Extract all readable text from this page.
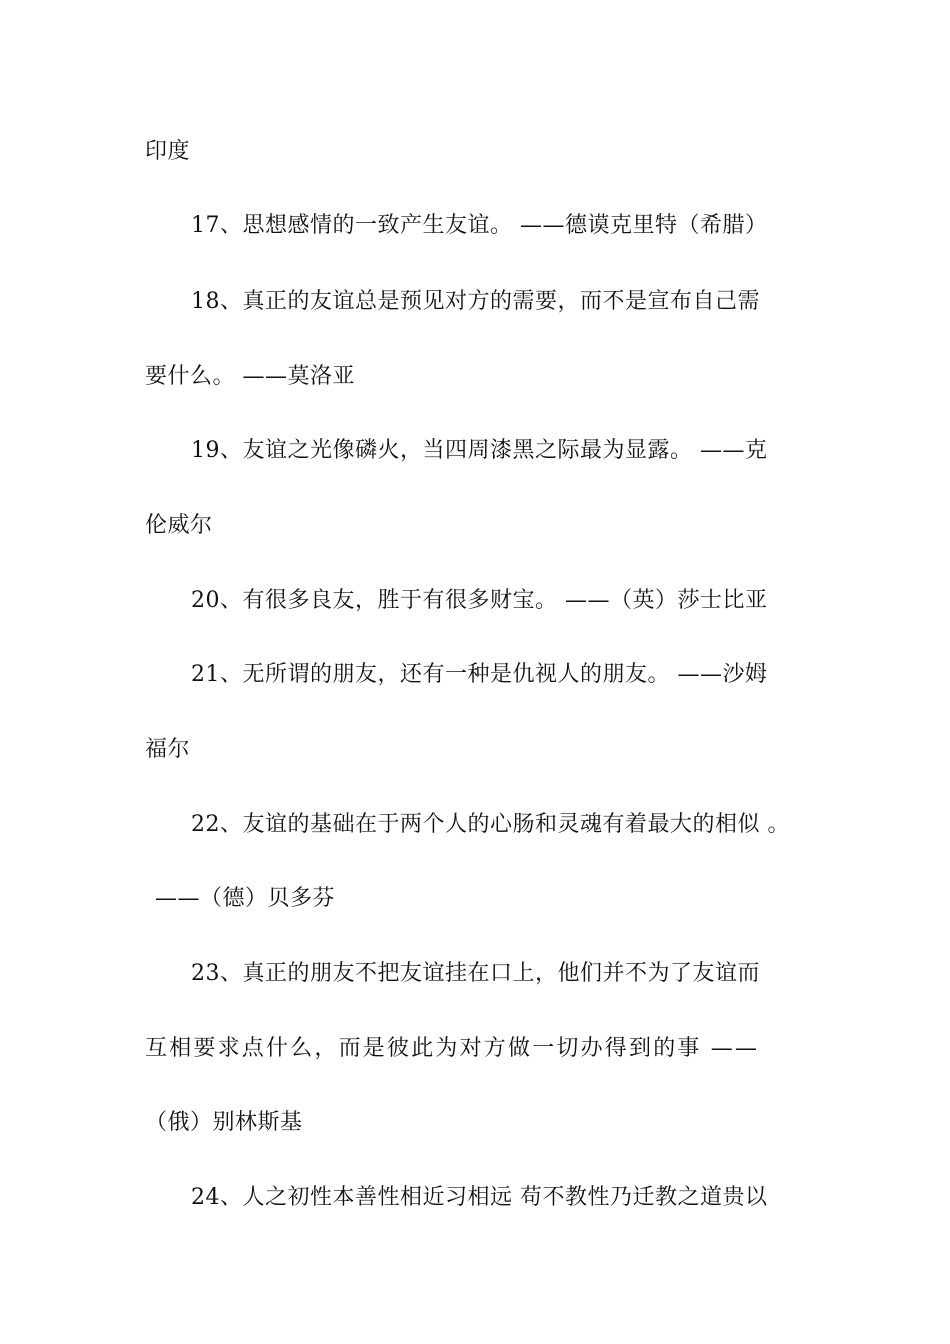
印度
17、思想感情的一致产生友谊。 ——德谟克里特（希腊）
18、真正的友谊总是预见对方的需要，而不是宣布自己需
要什么。 ——莫洛亚
19、友谊之光像磷火，当四周漆黑之际最为显露。 ——克
伦威尔
20、有很多良友，胜于有很多财宝。 ——（英）莎士比亚
21、无所谓的朋友，还有一种是仇视人的朋友。 ——沙姆
福尔
22、友谊的基础在于两个人的心肠和灵魂有着最大的相似 。
——（德）贝多芬
23、真正的朋友不把友谊挂在口上，他们并不为了友谊而
互相要求点什么，而是彼此为对方做一切办得到的事 ——
（俄）别林斯基
24、人之初性本善性相近习相远 苟不教性乃迁教之道贵以
